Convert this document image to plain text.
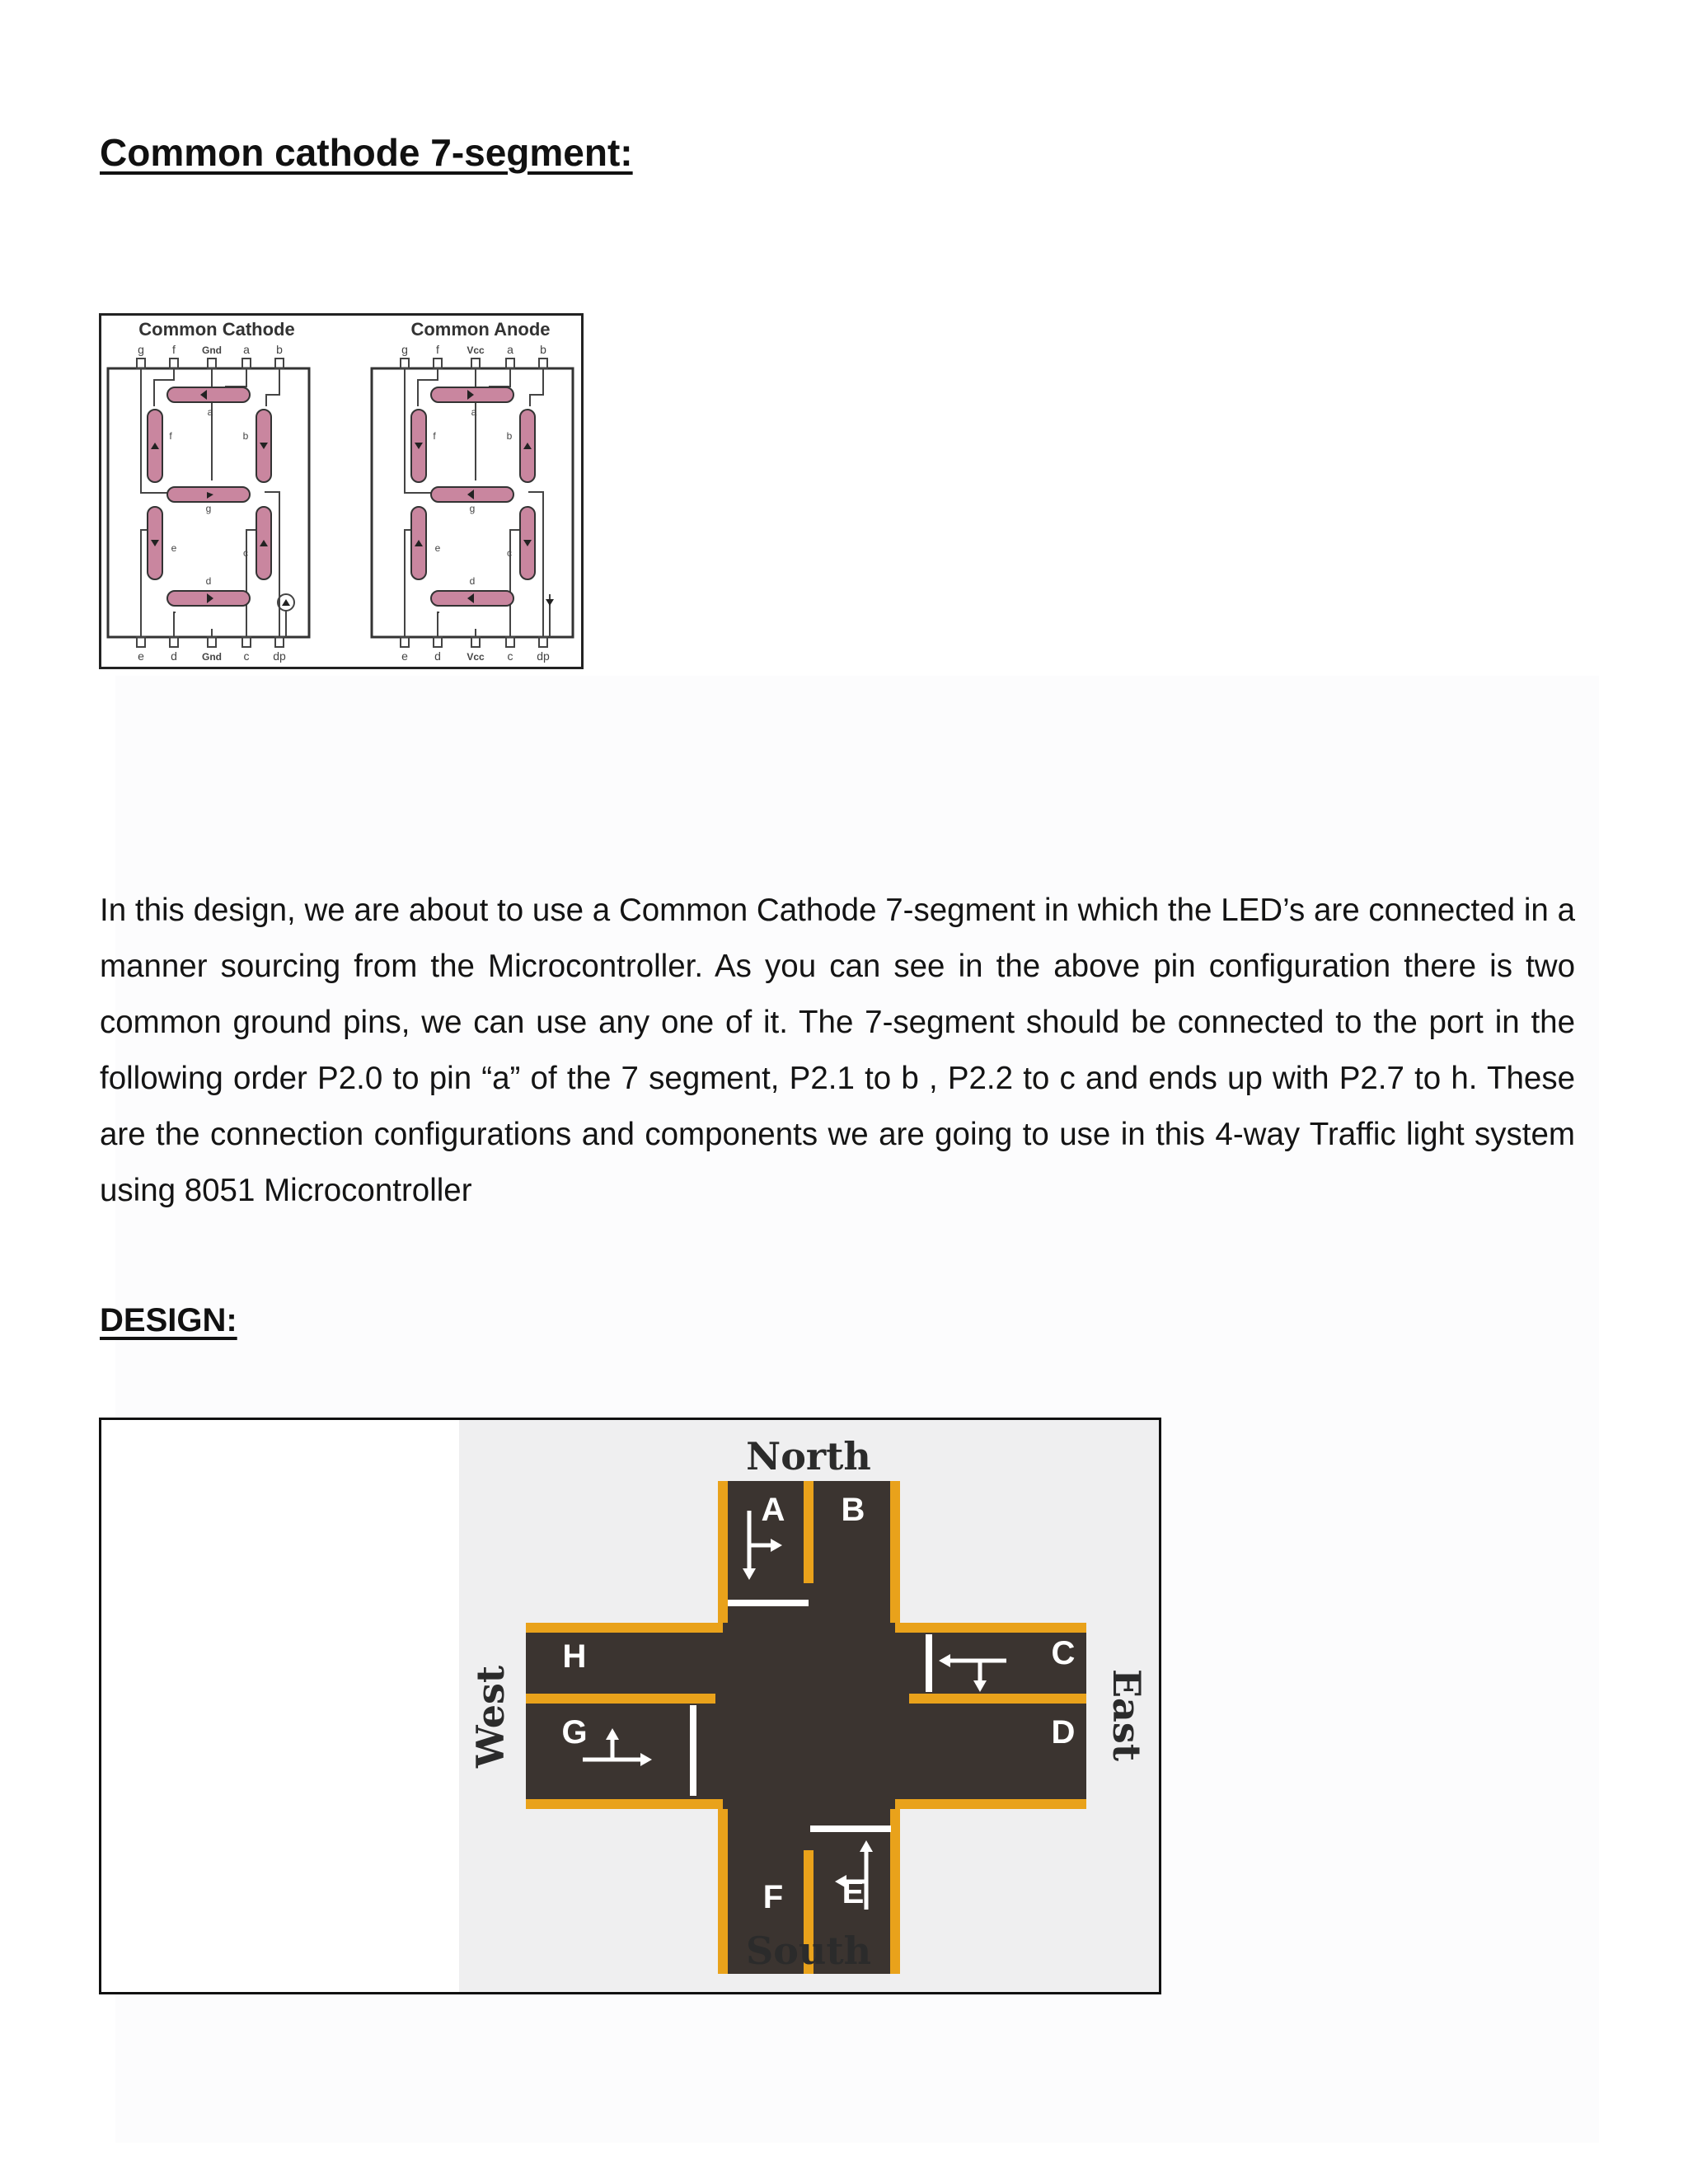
Common cathode 7-segment:
Common Cathode
g f	Gnd a b
a
b
c
d
e
f
g
e d	Gnd c dp
Common Anode
g f	Vcc a b
a
b
c
d
e
f
g
e d	Vcc c dp

In this design, we are about to use a Common Cathode 7-segment in which the LED’s are connected in a manner sourcing from the Microcontroller. As you can see in the above pin configuration there is two common ground pins, we can use any one of it. The 7-segment should be connected to the port in the following order P2.0 to pin “a” of the 7 segment, P2.1 to b , P2.2 to c and ends up with P2.7 to h. These are the connection configurations and components we are going to use in this 4-way Traffic light system using 8051 Microcontroller

DESIGN:
A B
C
D
E
F
G
H
North
South
East
West
